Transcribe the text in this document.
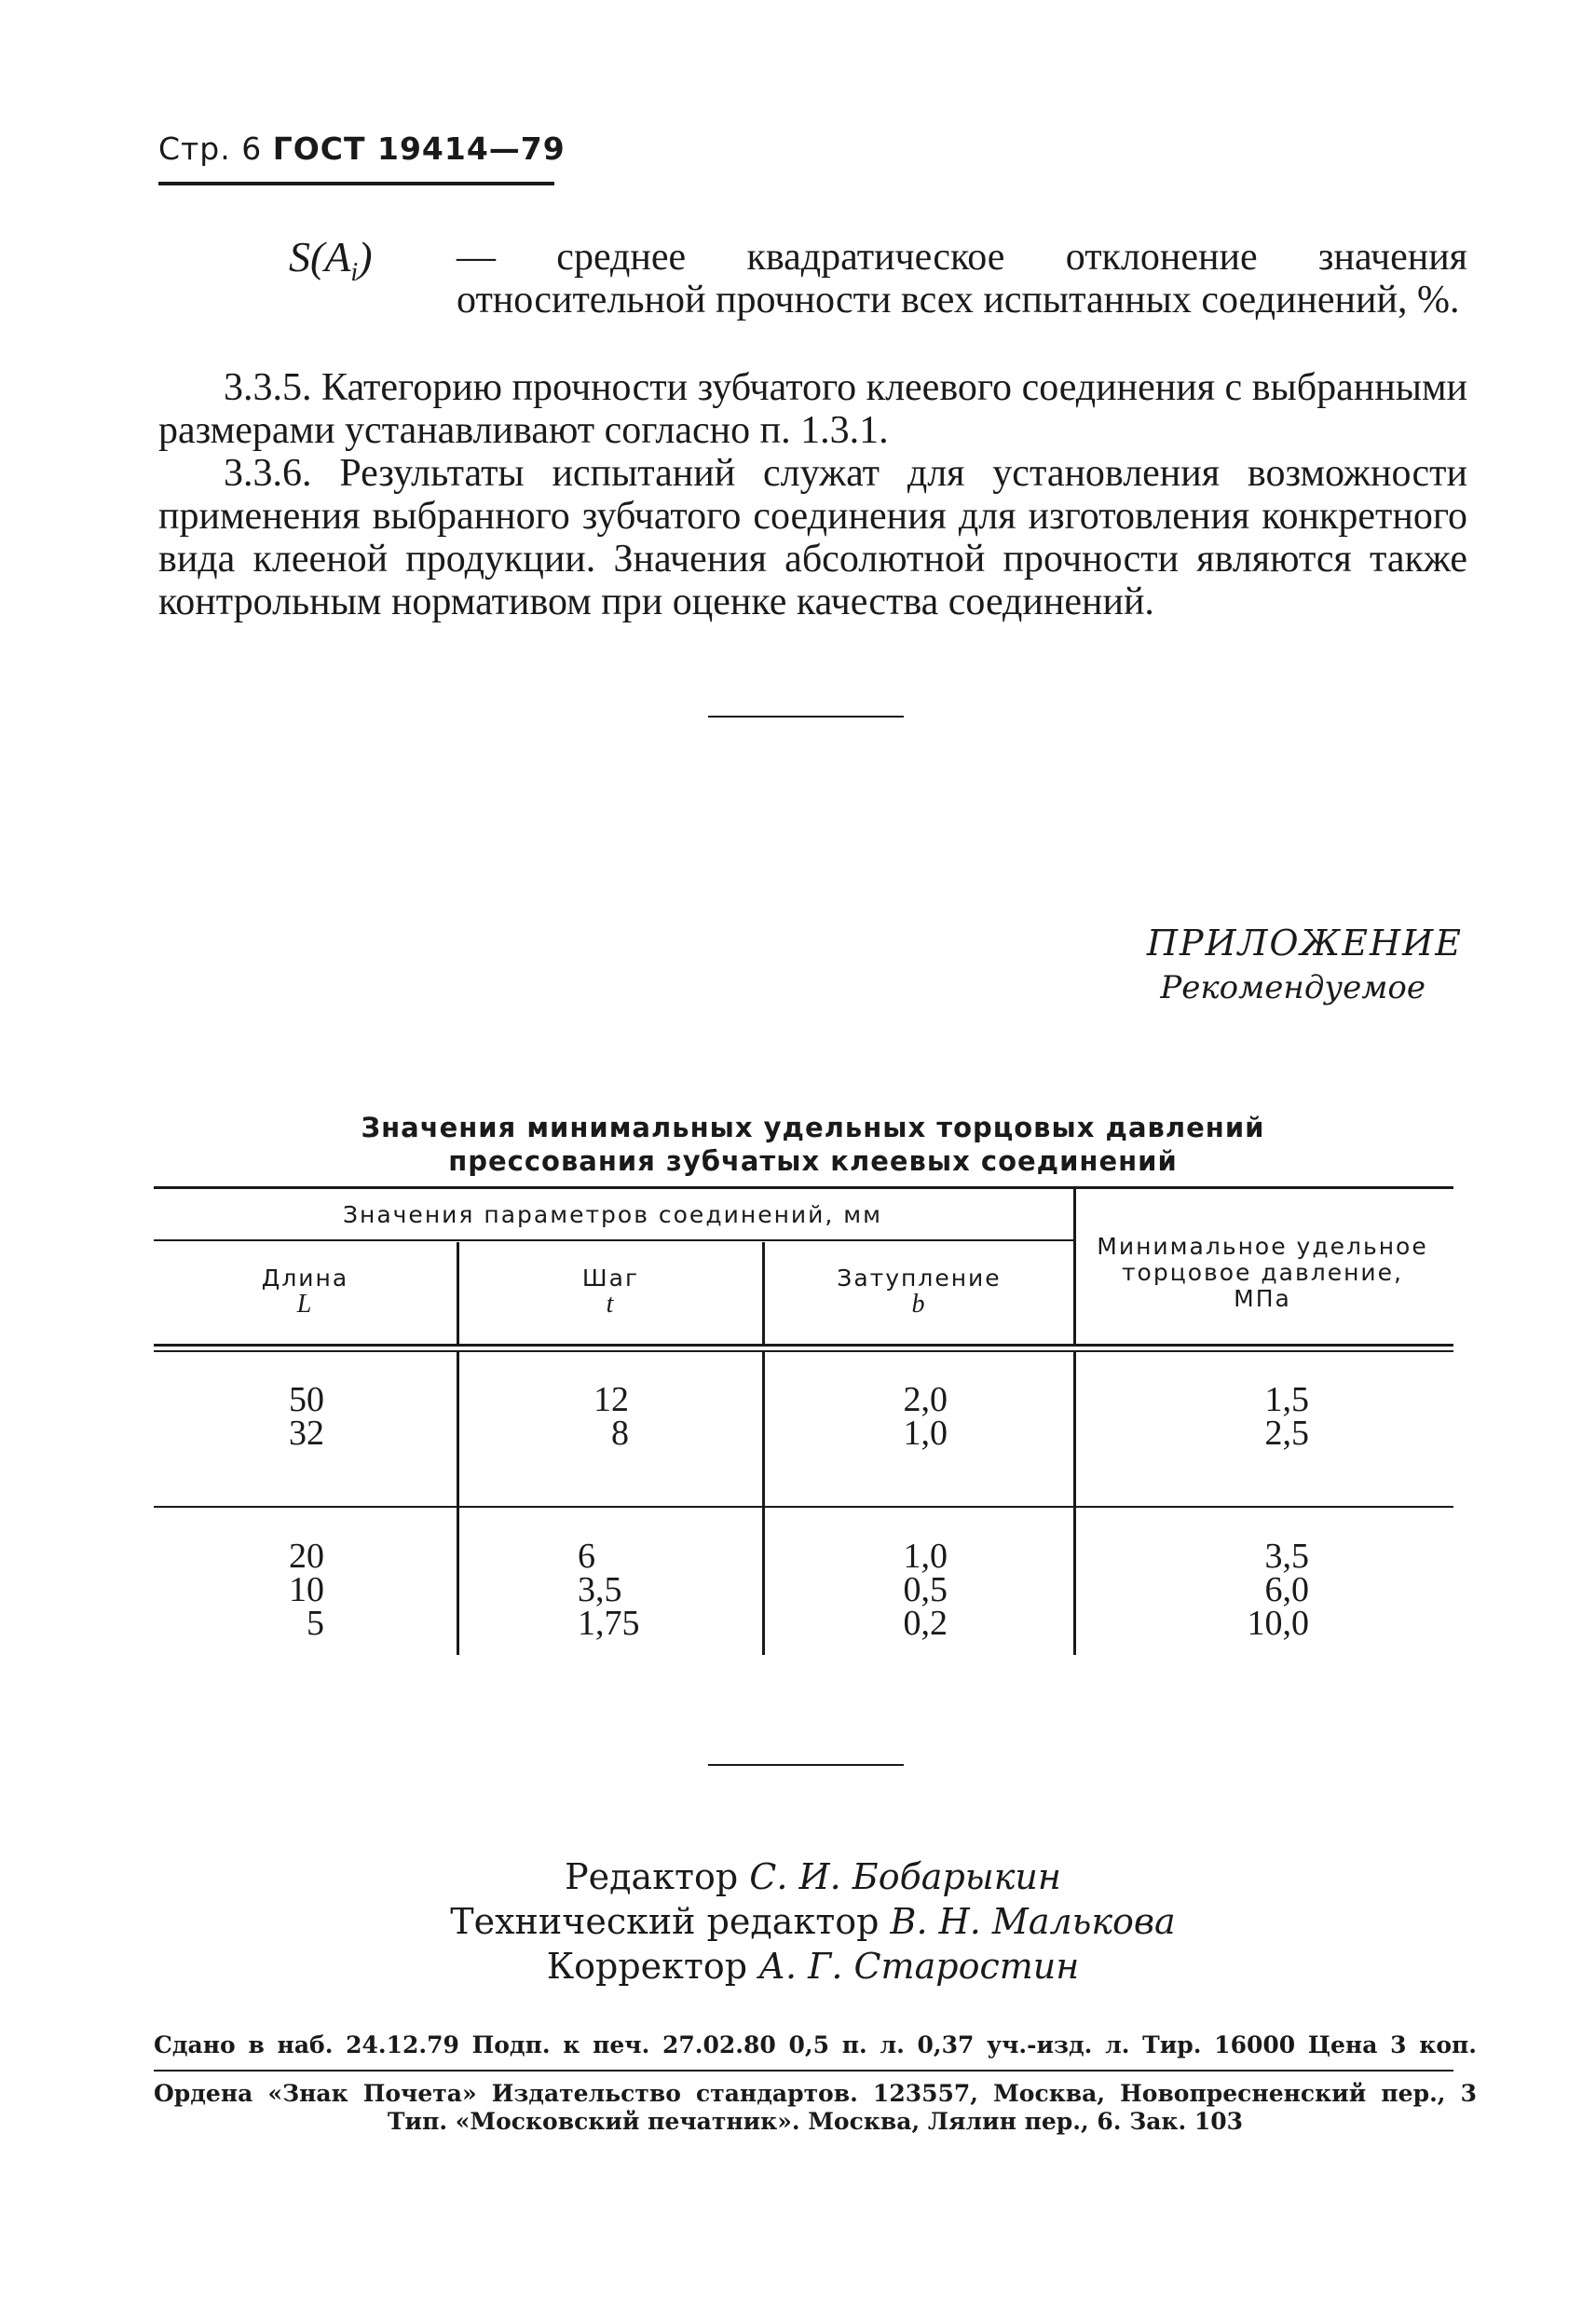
Стр. 6 ГОСТ 19414—79
$S(A_i)$ — среднее квадратическое отклонение значения относительной прочности всех испытанных соединений, %.
3.3.5. Категорию прочности зубчатого клеевого соединения с выбранными размерами устанавливают согласно п. 1.3.1.
3.3.6. Результаты испытаний служат для установления возможности применения выбранного зубчатого соединения для изготовления конкретного вида клееной продукции. Значения абсолютной прочности являются также контрольным нормативом при оценке качества соединений.
ПРИЛОЖЕНИЕ
Рекомендуемое
Значения минимальных удельных торцовых давлений
прессования зубчатых клеевых соединений
Значения параметров соединений, мм
Длина
L
Шаг
t
Затупление
b
Минимальное удельное
торцовое давление,
МПа
50
32
12
8
2,0
1,0
1,5
2,5
20
10
5
6
3,5
1,75
1,0
0,5
0,2
3,5
6,0
10,0
Редактор С. И. Бобарыкин
Технический редактор В. Н. Малькова
Корректор А. Г. Старостин
Сдано в наб. 24.12.79 Подп. к печ. 27.02.80 0,5 п. л. 0,37 уч.-изд. л. Тир. 16000 Цена 3 коп.
Ордена «Знак Почета» Издательство стандартов. 123557, Москва, Новопресненский пер., 3
Тип. «Московский печатник». Москва, Лялин пер., 6. Зак. 103
